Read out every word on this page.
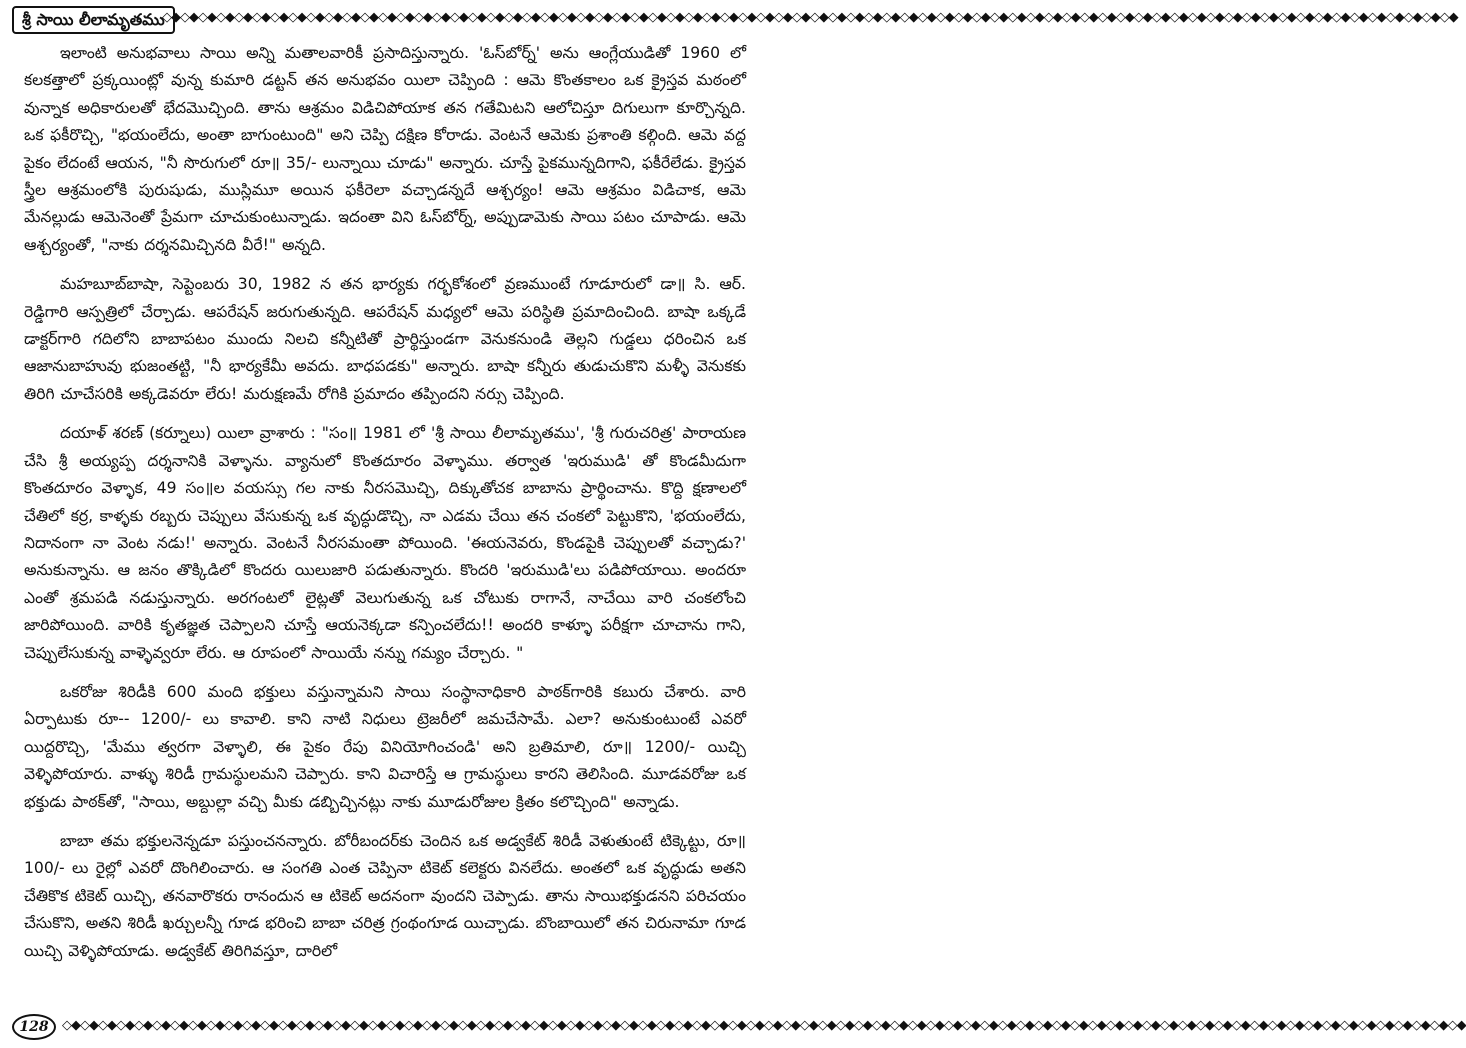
శ్రీ సాయి లీలామృతము
◇◆◇◆◇◆◇◆◇◆◇◆◇◆◇◆◇◆◇◆◇◆◇◆◇◆◇◆◇◆◇◆◇◆◇◆◇◆◇◆◇◆◇◆◇◆◇◆◇◆◇◆◇◆◇◆◇◆◇◆◇◆◇◆◇◆◇◆◇◆◇◆◇◆◇◆◇◆◇◆◇◆◇◆◇◆◇◆◇◆◇◆◇◆◇◆◇◆◇◆◇◆◇◆◇◆◇◆◇◆◇◆◇◆◇◆◇◆◇◆◇◆◇◆◇◆◇◆◇◆◇◆◇◆◇◆◇◆◇◆◇◆◇◆

ఇలాంటి అనుభవాలు సాయి అన్ని మతాలవారికీ ప్రసాదిస్తున్నారు. 'ఓస్‌బోర్న్' అను ఆంగ్లేయుడితో 1960 లో కలకత్తాలో ప్రక్కయింట్లో వున్న కుమారి డట్టన్ తన అనుభవం యిలా చెప్పింది : ఆమె కొంతకాలం ఒక క్రైస్తవ మఠంలో వున్నాక అధికారులతో భేదమొచ్చింది. తాను ఆశ్రమం విడిచిపోయాక తన గతేమిటని ఆలోచిస్తూ దిగులుగా కూర్చొన్నది. ఒక ఫకీరొచ్చి, "భయంలేదు, అంతా బాగుంటుంది" అని చెప్పి దక్షిణ కోరాడు. వెంటనే ఆమెకు ప్రశాంతి కల్గింది. ఆమె వద్ద పైకం లేదంటే ఆయన, "నీ సొరుగులో రూ॥ 35/- లున్నాయి చూడు" అన్నారు. చూస్తే పైకమున్నదిగాని, ఫకీరేలేడు. క్రైస్తవ స్త్రీల ఆశ్రమంలోకి పురుషుడు, ముస్లిమూ అయిన ఫకీరెలా వచ్చాడన్నదే ఆశ్చర్యం! ఆమె ఆశ్రమం విడిచాక, ఆమె మేనల్లుడు ఆమెనెంతో ప్రేమగా చూచుకుంటున్నాడు. ఇదంతా విని ఓస్‌బోర్న్, అప్పుడామెకు సాయి పటం చూపాడు. ఆమె ఆశ్చర్యంతో, "నాకు దర్శనమిచ్చినది వీరే!" అన్నది.

మహబూబ్‌బాషా, సెప్టెంబరు 30, 1982 న తన భార్యకు గర్భకోశంలో వ్రణముంటే గూడూరులో డా॥ సి. ఆర్. రెడ్డిగారి ఆస్పత్రిలో చేర్చాడు. ఆపరేషన్ జరుగుతున్నది. ఆపరేషన్ మధ్యలో ఆమె పరిస్థితి ప్రమాదించింది. బాషా ఒక్కడే డాక్టర్‌గారి గదిలోని బాబాపటం ముందు నిలచి కన్నీటితో ప్రార్థిస్తుండగా వెనుకనుండి తెల్లని గుడ్డలు ధరించిన ఒక ఆజానుబాహువు భుజంతట్టి, "నీ భార్యకేమీ అవదు. బాధపడకు" అన్నారు. బాషా కన్నీరు తుడుచుకొని మళ్ళీ వెనుకకు తిరిగి చూచేసరికి అక్కడెవరూ లేరు! మరుక్షణమే రోగికి ప్రమాదం తప్పిందని నర్సు చెప్పింది.

దయాళ్ శరణ్ (కర్నూలు) యిలా వ్రాశారు : "సం॥ 1981 లో 'శ్రీ సాయి లీలామృతము', 'శ్రీ గురుచరిత్ర' పారాయణ చేసి శ్రీ అయ్యప్ప దర్శనానికి వెళ్ళాను. వ్యానులో కొంతదూరం వెళ్ళాము. తర్వాత 'ఇరుముడి' తో కొండమీదుగా కొంతదూరం వెళ్ళాక, 49 సం॥ల వయస్సు గల నాకు నీరసమొచ్చి, దిక్కుతోచక బాబాను ప్రార్థించాను. కొద్ది క్షణాలలో చేతిలో కర్ర, కాళ్ళకు రబ్బరు చెప్పులు వేసుకున్న ఒక వృద్ధుడొచ్చి, నా ఎడమ చేయి తన చంకలో పెట్టుకొని, 'భయంలేదు, నిదానంగా నా వెంట నడు!' అన్నారు. వెంటనే నీరసమంతా పోయింది. 'ఈయనెవరు, కొండపైకి చెప్పులతో వచ్చాడు?' అనుకున్నాను. ఆ జనం తొక్కిడిలో కొందరు యిలుజారి పడుతున్నారు. కొందరి 'ఇరుముడి'లు పడిపోయాయి. అందరూ ఎంతో శ్రమపడి నడుస్తున్నారు. అరగంటలో లైట్లతో వెలుగుతున్న ఒక చోటుకు రాగానే, నాచేయి వారి చంకలోంచి జారిపోయింది. వారికి కృతజ్ఞత చెప్పాలని చూస్తే ఆయనెక్కడా కన్పించలేదు!! అందరి కాళ్ళూ పరీక్షగా చూచాను గాని, చెప్పులేసుకున్న వాళ్ళెవ్వరూ లేరు. ఆ రూపంలో సాయియే నన్ను గమ్యం చేర్చారు. "

ఒకరోజు శిరిడీకి 600 మంది భక్తులు వస్తున్నామని సాయి సంస్థానాధికారి పాఠక్‌గారికి కబురు చేశారు. వారి ఏర్పాటుకు రూ-- 1200/- లు కావాలి. కాని నాటి నిధులు ట్రెజరీలో జమచేసామే. ఎలా? అనుకుంటుంటే ఎవరో యిద్దరొచ్చి, 'మేము త్వరగా వెళ్ళాలి, ఈ పైకం రేపు వినియోగించండి' అని బ్రతిమాలి, రూ॥ 1200/- యిచ్చి వెళ్ళిపోయారు. వాళ్ళు శిరిడీ గ్రామస్థులమని చెప్పారు. కాని విచారిస్తే ఆ గ్రామస్థులు కారని తెలిసింది. మూడవరోజు ఒక భక్తుడు పాఠక్‌తో, "సాయి, అబ్దుల్లా వచ్చి మీకు డబ్బిచ్చినట్లు నాకు మూడురోజుల క్రితం కలొచ్చింది" అన్నాడు.

బాబా తమ భక్తులనెన్నడూ పస్తుంచనన్నారు. బోరీబందర్‌కు చెందిన ఒక అడ్వకేట్ శిరిడీ వెళుతుంటే టిక్కెట్టు, రూ॥ 100/- లు రైల్లో ఎవరో దొంగిలించారు. ఆ సంగతి ఎంత చెప్పినా టికెట్ కలెక్టరు వినలేదు. అంతలో ఒక వృద్ధుడు అతని చేతికొక టికెట్ యిచ్చి, తనవారొకరు రానందున ఆ టికెట్ అదనంగా వుందని చెప్పాడు. తాను సాయిభక్తుడనని పరిచయం చేసుకొని, అతని శిరిడీ ఖర్చులన్నీ గూడ భరించి బాబా చరిత్ర గ్రంథంగూడ యిచ్చాడు. బొంబాయిలో తన చిరునామా గూడ యిచ్చి వెళ్ళిపోయాడు. అడ్వకేట్ తిరిగివస్తూ, దారిలో

128	◇◆◇◆◇◆◇◆◇◆◇◆◇◆◇◆◇◆◇◆◇◆◇◆◇◆◇◆◇◆◇◆◇◆◇◆◇◆◇◆◇◆◇◆◇◆◇◆◇◆◇◆◇◆◇◆◇◆◇◆◇◆◇◆◇◆◇◆◇◆◇◆◇◆◇◆◇◆◇◆◇◆◇◆◇◆◇◆◇◆◇◆◇◆◇◆◇◆◇◆◇◆◇◆◇◆◇◆◇◆◇◆◇◆◇◆◇◆◇◆◇◆◇◆◇◆◇◆◇◆◇◆◇◆◇◆◇◆◇◆◇◆◇◆◇◆◇◆◇◆◇◆◇◆◇◆
